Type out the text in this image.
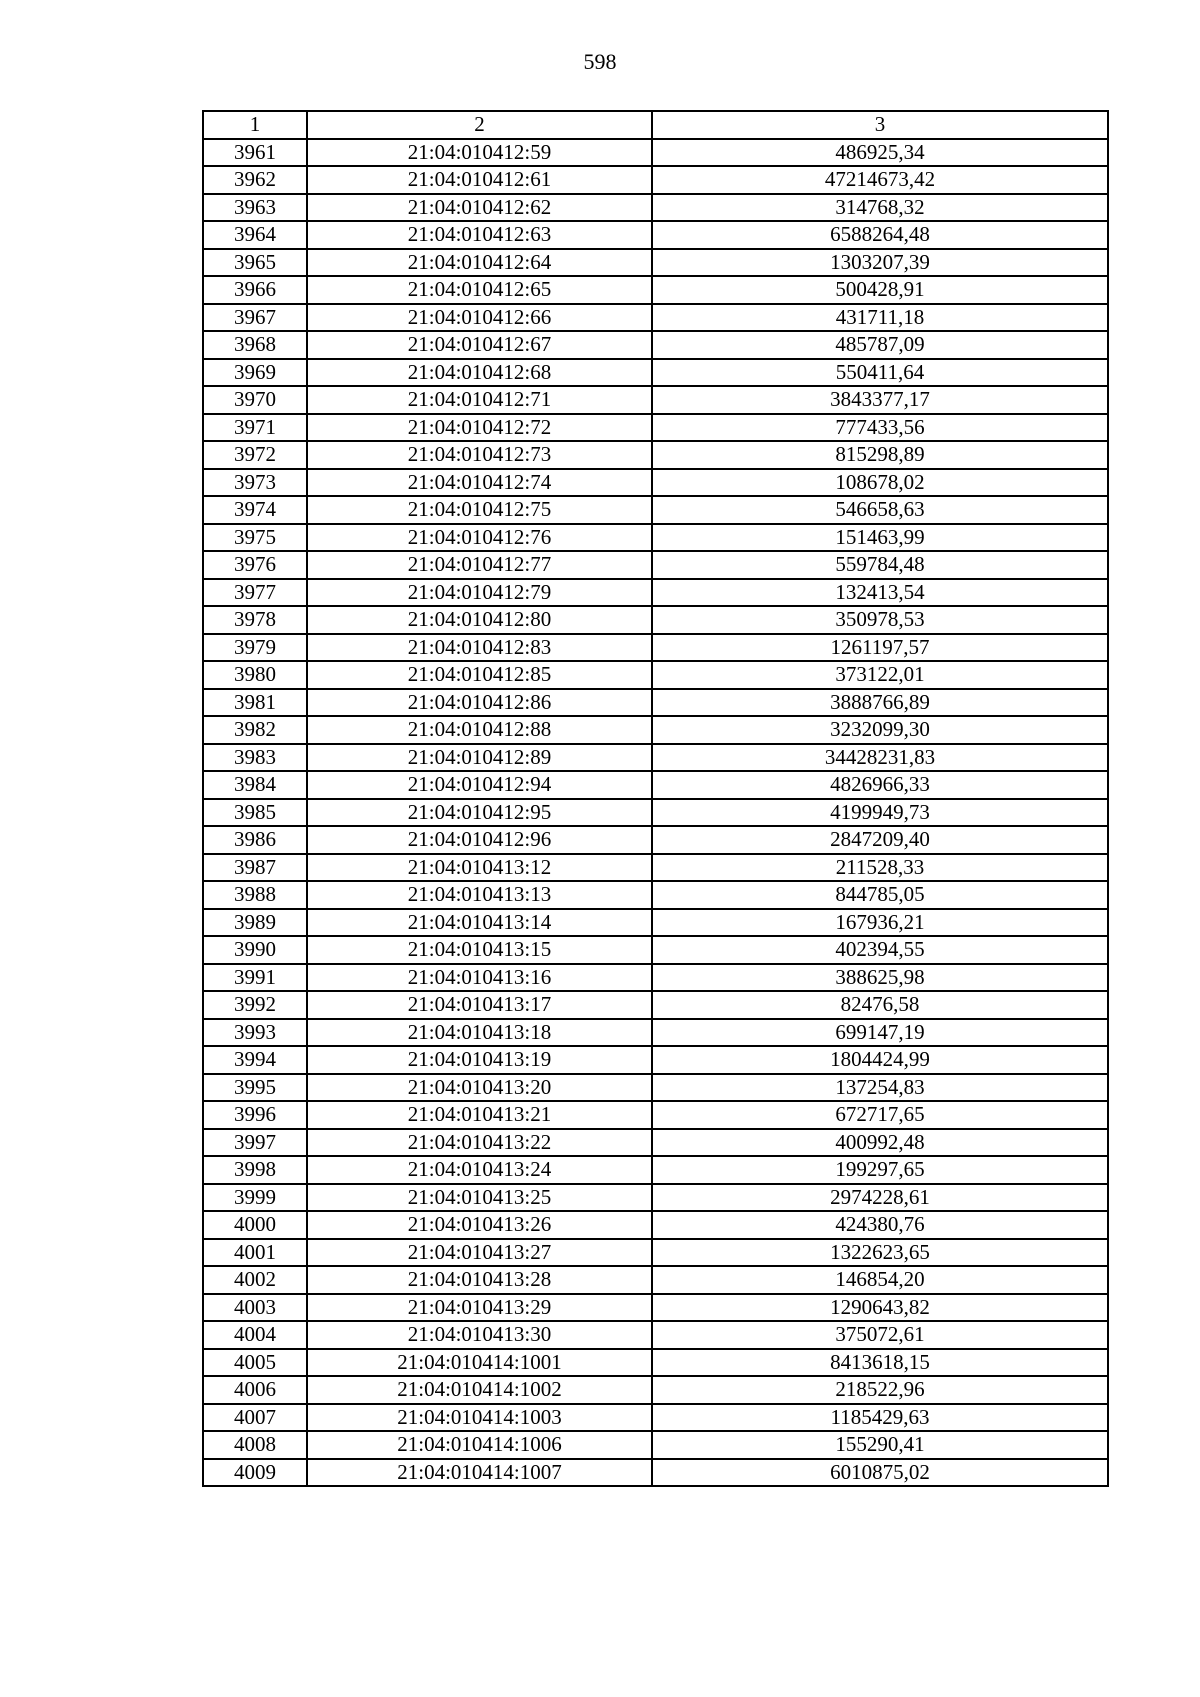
598
1	2	3
3961	21:04:010412:59	486925,34
3962	21:04:010412:61	47214673,42
3963	21:04:010412:62	314768,32
3964	21:04:010412:63	6588264,48
3965	21:04:010412:64	1303207,39
3966	21:04:010412:65	500428,91
3967	21:04:010412:66	431711,18
3968	21:04:010412:67	485787,09
3969	21:04:010412:68	550411,64
3970	21:04:010412:71	3843377,17
3971	21:04:010412:72	777433,56
3972	21:04:010412:73	815298,89
3973	21:04:010412:74	108678,02
3974	21:04:010412:75	546658,63
3975	21:04:010412:76	151463,99
3976	21:04:010412:77	559784,48
3977	21:04:010412:79	132413,54
3978	21:04:010412:80	350978,53
3979	21:04:010412:83	1261197,57
3980	21:04:010412:85	373122,01
3981	21:04:010412:86	3888766,89
3982	21:04:010412:88	3232099,30
3983	21:04:010412:89	34428231,83
3984	21:04:010412:94	4826966,33
3985	21:04:010412:95	4199949,73
3986	21:04:010412:96	2847209,40
3987	21:04:010413:12	211528,33
3988	21:04:010413:13	844785,05
3989	21:04:010413:14	167936,21
3990	21:04:010413:15	402394,55
3991	21:04:010413:16	388625,98
3992	21:04:010413:17	82476,58
3993	21:04:010413:18	699147,19
3994	21:04:010413:19	1804424,99
3995	21:04:010413:20	137254,83
3996	21:04:010413:21	672717,65
3997	21:04:010413:22	400992,48
3998	21:04:010413:24	199297,65
3999	21:04:010413:25	2974228,61
4000	21:04:010413:26	424380,76
4001	21:04:010413:27	1322623,65
4002	21:04:010413:28	146854,20
4003	21:04:010413:29	1290643,82
4004	21:04:010413:30	375072,61
4005	21:04:010414:1001	8413618,15
4006	21:04:010414:1002	218522,96
4007	21:04:010414:1003	1185429,63
4008	21:04:010414:1006	155290,41
4009	21:04:010414:1007	6010875,02
